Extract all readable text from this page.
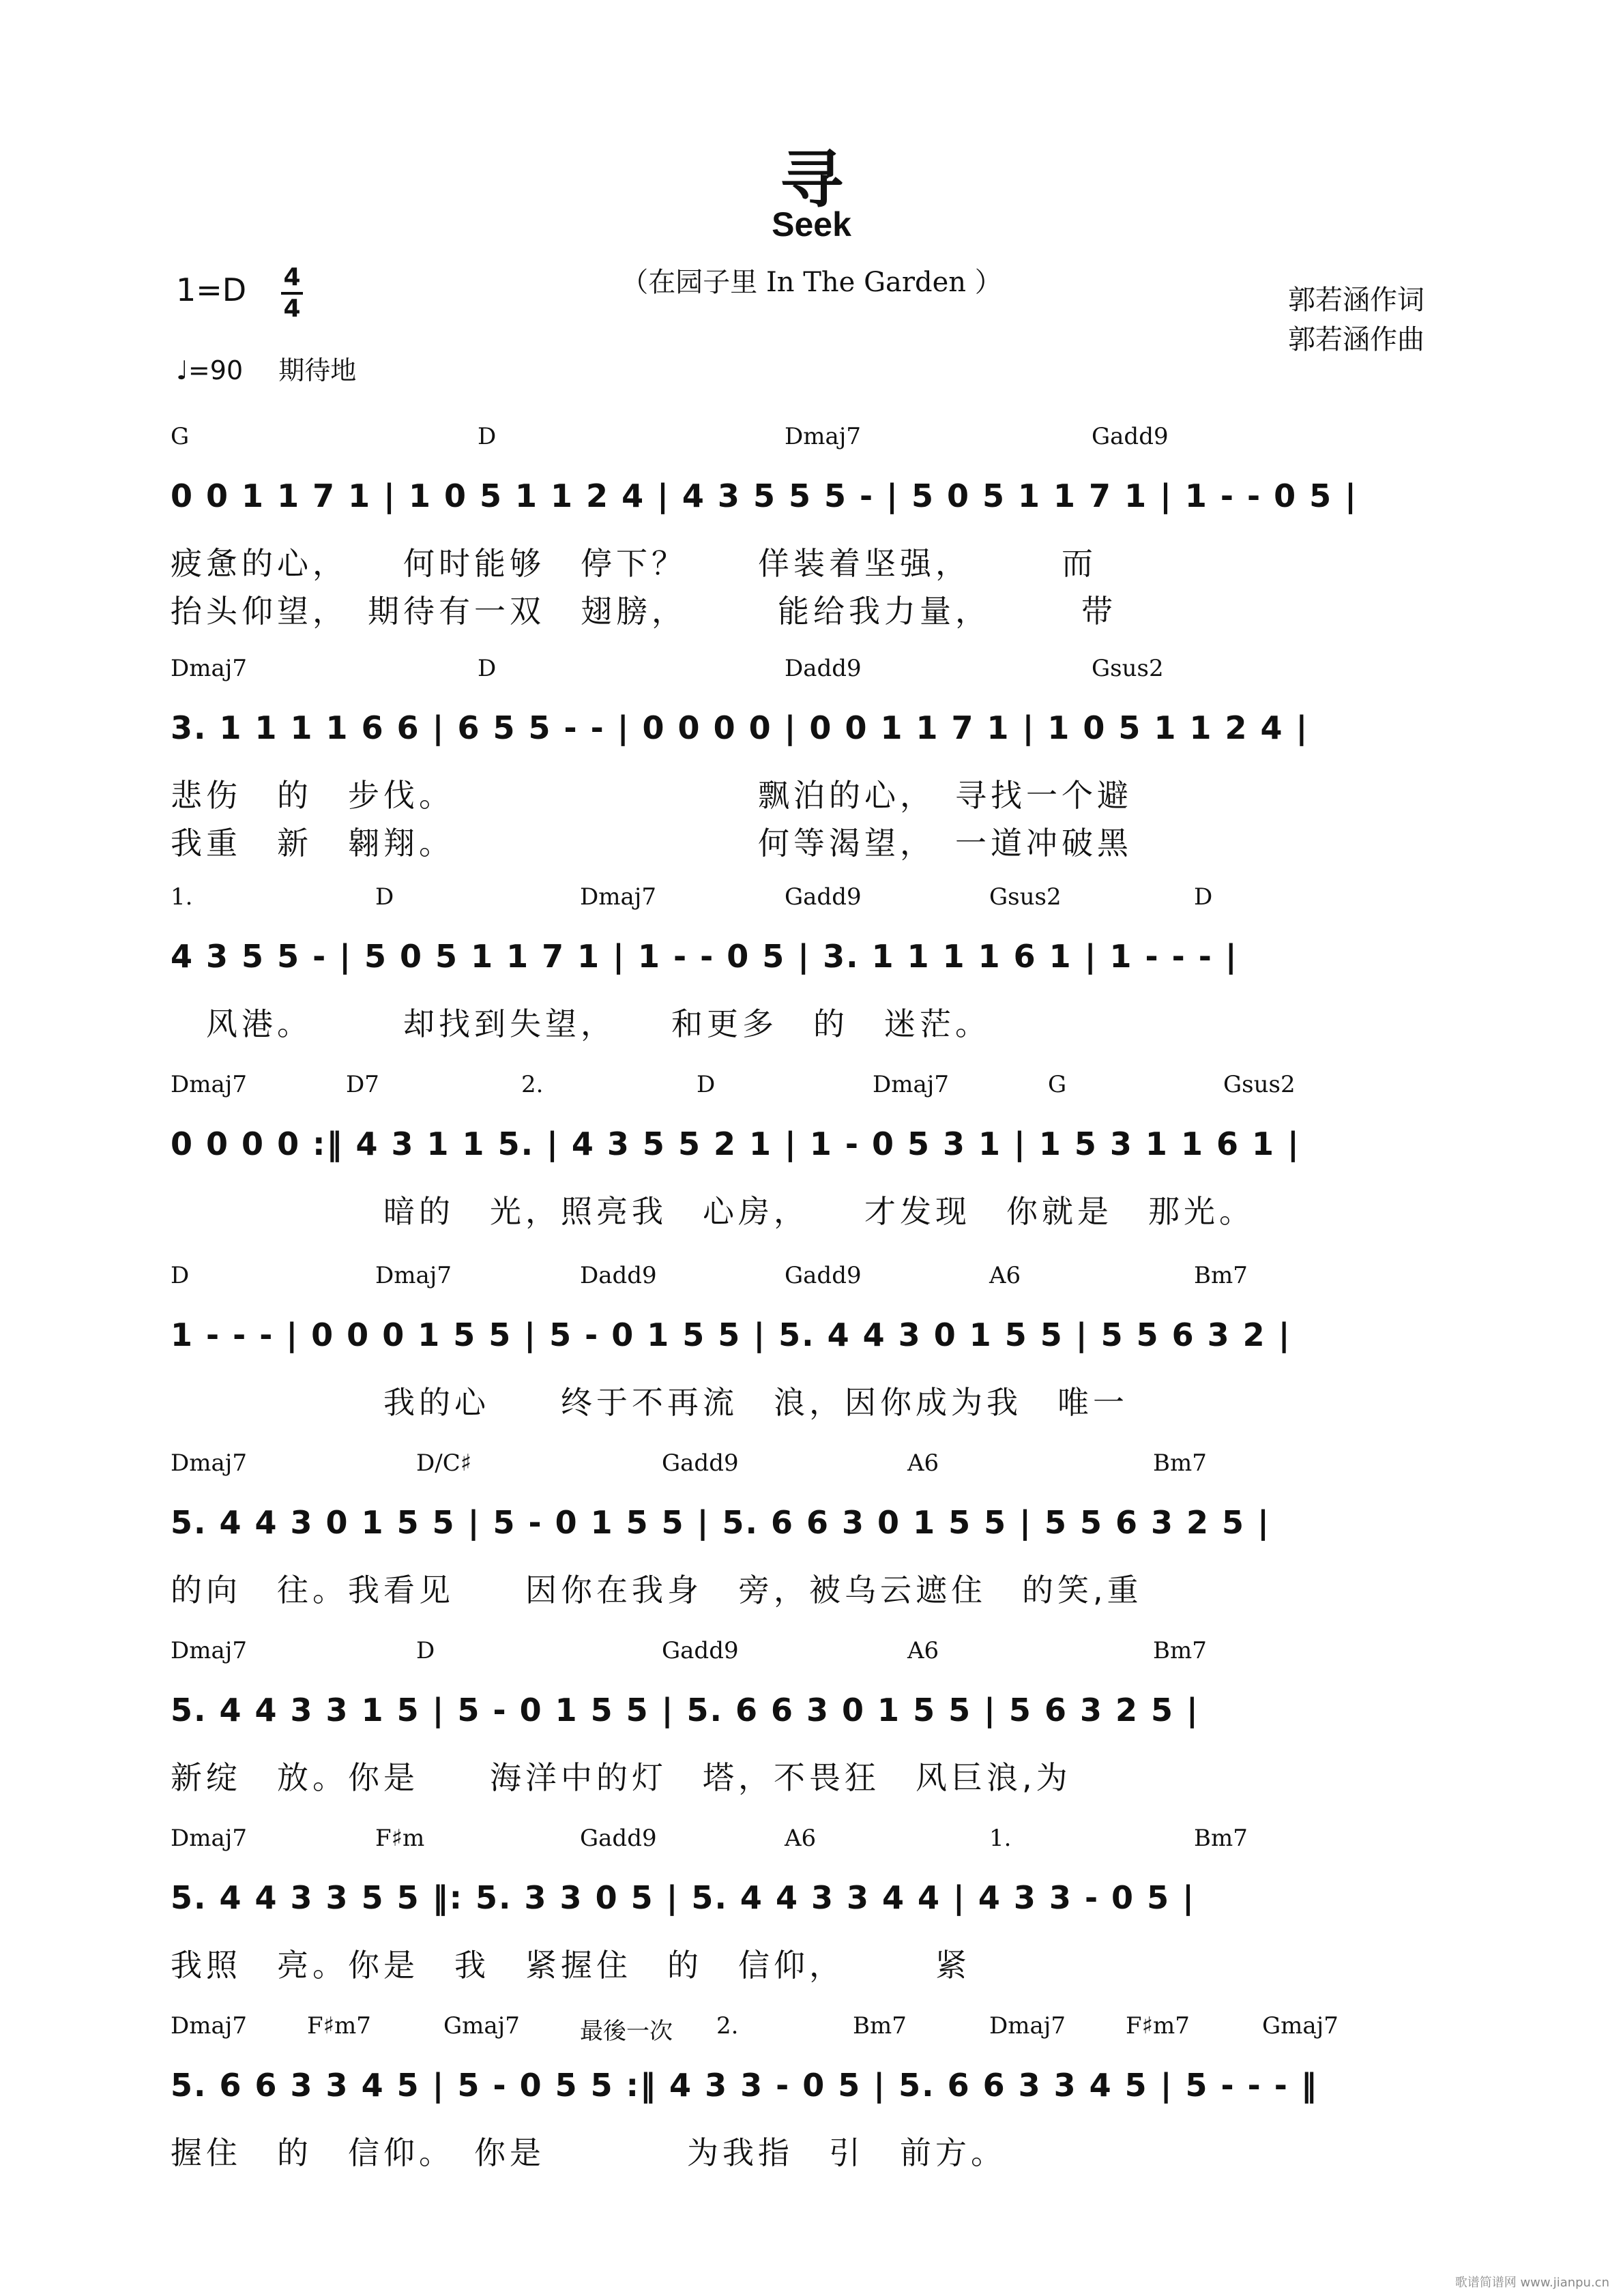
寻
Seek
（在园子里 In The Garden ）
1=D 4
4
♩=90 期待地
郭若涵作词
郭若涵作曲
G	D	Dmaj7	Gadd9
0 0 1 1 7 1 | 1 0 5 1 1 2 4 | 4 3 5 5 5 - | 5 0 5 1 1 7 1 | 1 - - 0 5 |
疲惫的心，　　何时能够　停下？　　佯装着坚强，　　　而
抬头仰望，　期待有一双　翅膀，　　　能给我力量，　　　带
Dmaj7	D	Dadd9	Gsus2
3. 1 1 1 1 6 6 | 6 5 5 - - | 0 0 0 0 | 0 0 1 1 7 1 | 1 0 5 1 1 2 4 |
悲伤　的　步伐。　　　　　　　　　飘泊的心，　寻找一个避
我重　新　翱翔。　　　　　　　　　何等渴望，　一道冲破黑
1.	D	Dmaj7	Gadd9	Gsus2	D
4 3 5 5 - | 5 0 5 1 1 7 1 | 1 - - 0 5 | 3. 1 1 1 1 6 1 | 1 - - - |
　风港。　　　却找到失望，　　和更多　的　迷茫。
Dmaj7	D7	2.	D	Dmaj7	G	Gsus2
0 0 0 0 :‖ 4 3 1 1 5. | 4 3 5 5 2 1 | 1 - 0 5 3 1 | 1 5 3 1 1 6 1 |
　　　　　　暗的　光，照亮我　心房，　　才发现　你就是　那光。
D	Dmaj7	Dadd9	Gadd9	A6	Bm7
1 - - - | 0 0 0 1 5 5 | 5 - 0 1 5 5 | 5. 4 4 3 0 1 5 5 | 5 5 6 3 2 |
　　　　　　我的心　　终于不再流　浪，因你成为我　唯一
Dmaj7	D/C♯	Gadd9	A6	Bm7
5. 4 4 3 0 1 5 5 | 5 - 0 1 5 5 | 5. 6 6 3 0 1 5 5 | 5 5 6 3 2 5 |
的向　往。我看见　　因你在我身　旁，被乌云遮住　的笑,重
Dmaj7	D	Gadd9	A6	Bm7
5. 4 4 3 3 1 5 | 5 - 0 1 5 5 | 5. 6 6 3 0 1 5 5 | 5 6 3 2 5 |
新绽　放。你是　　海洋中的灯　塔，不畏狂　风巨浪,为
Dmaj7	F♯m	Gadd9	A6	1.	Bm7
5. 4 4 3 3 5 5 ‖: 5. 3 3 0 5 | 5. 4 4 3 3 4 4 | 4 3 3 - 0 5 |
我照　亮。你是　我　紧握住　的　信仰，　　　紧
Dmaj7	F♯m7	Gmaj7	最後一次 2.	Bm7	Dmaj7	F♯m7	Gmaj7
5. 6 6 3 3 4 5 | 5 - 0 5 5 :‖ 4 3 3 - 0 5 | 5. 6 6 3 3 4 5 | 5 - - - ‖
握住　的　信仰。　你是　　　　为我指　引　前方。
歌谱简谱网 www.jianpu.cn
